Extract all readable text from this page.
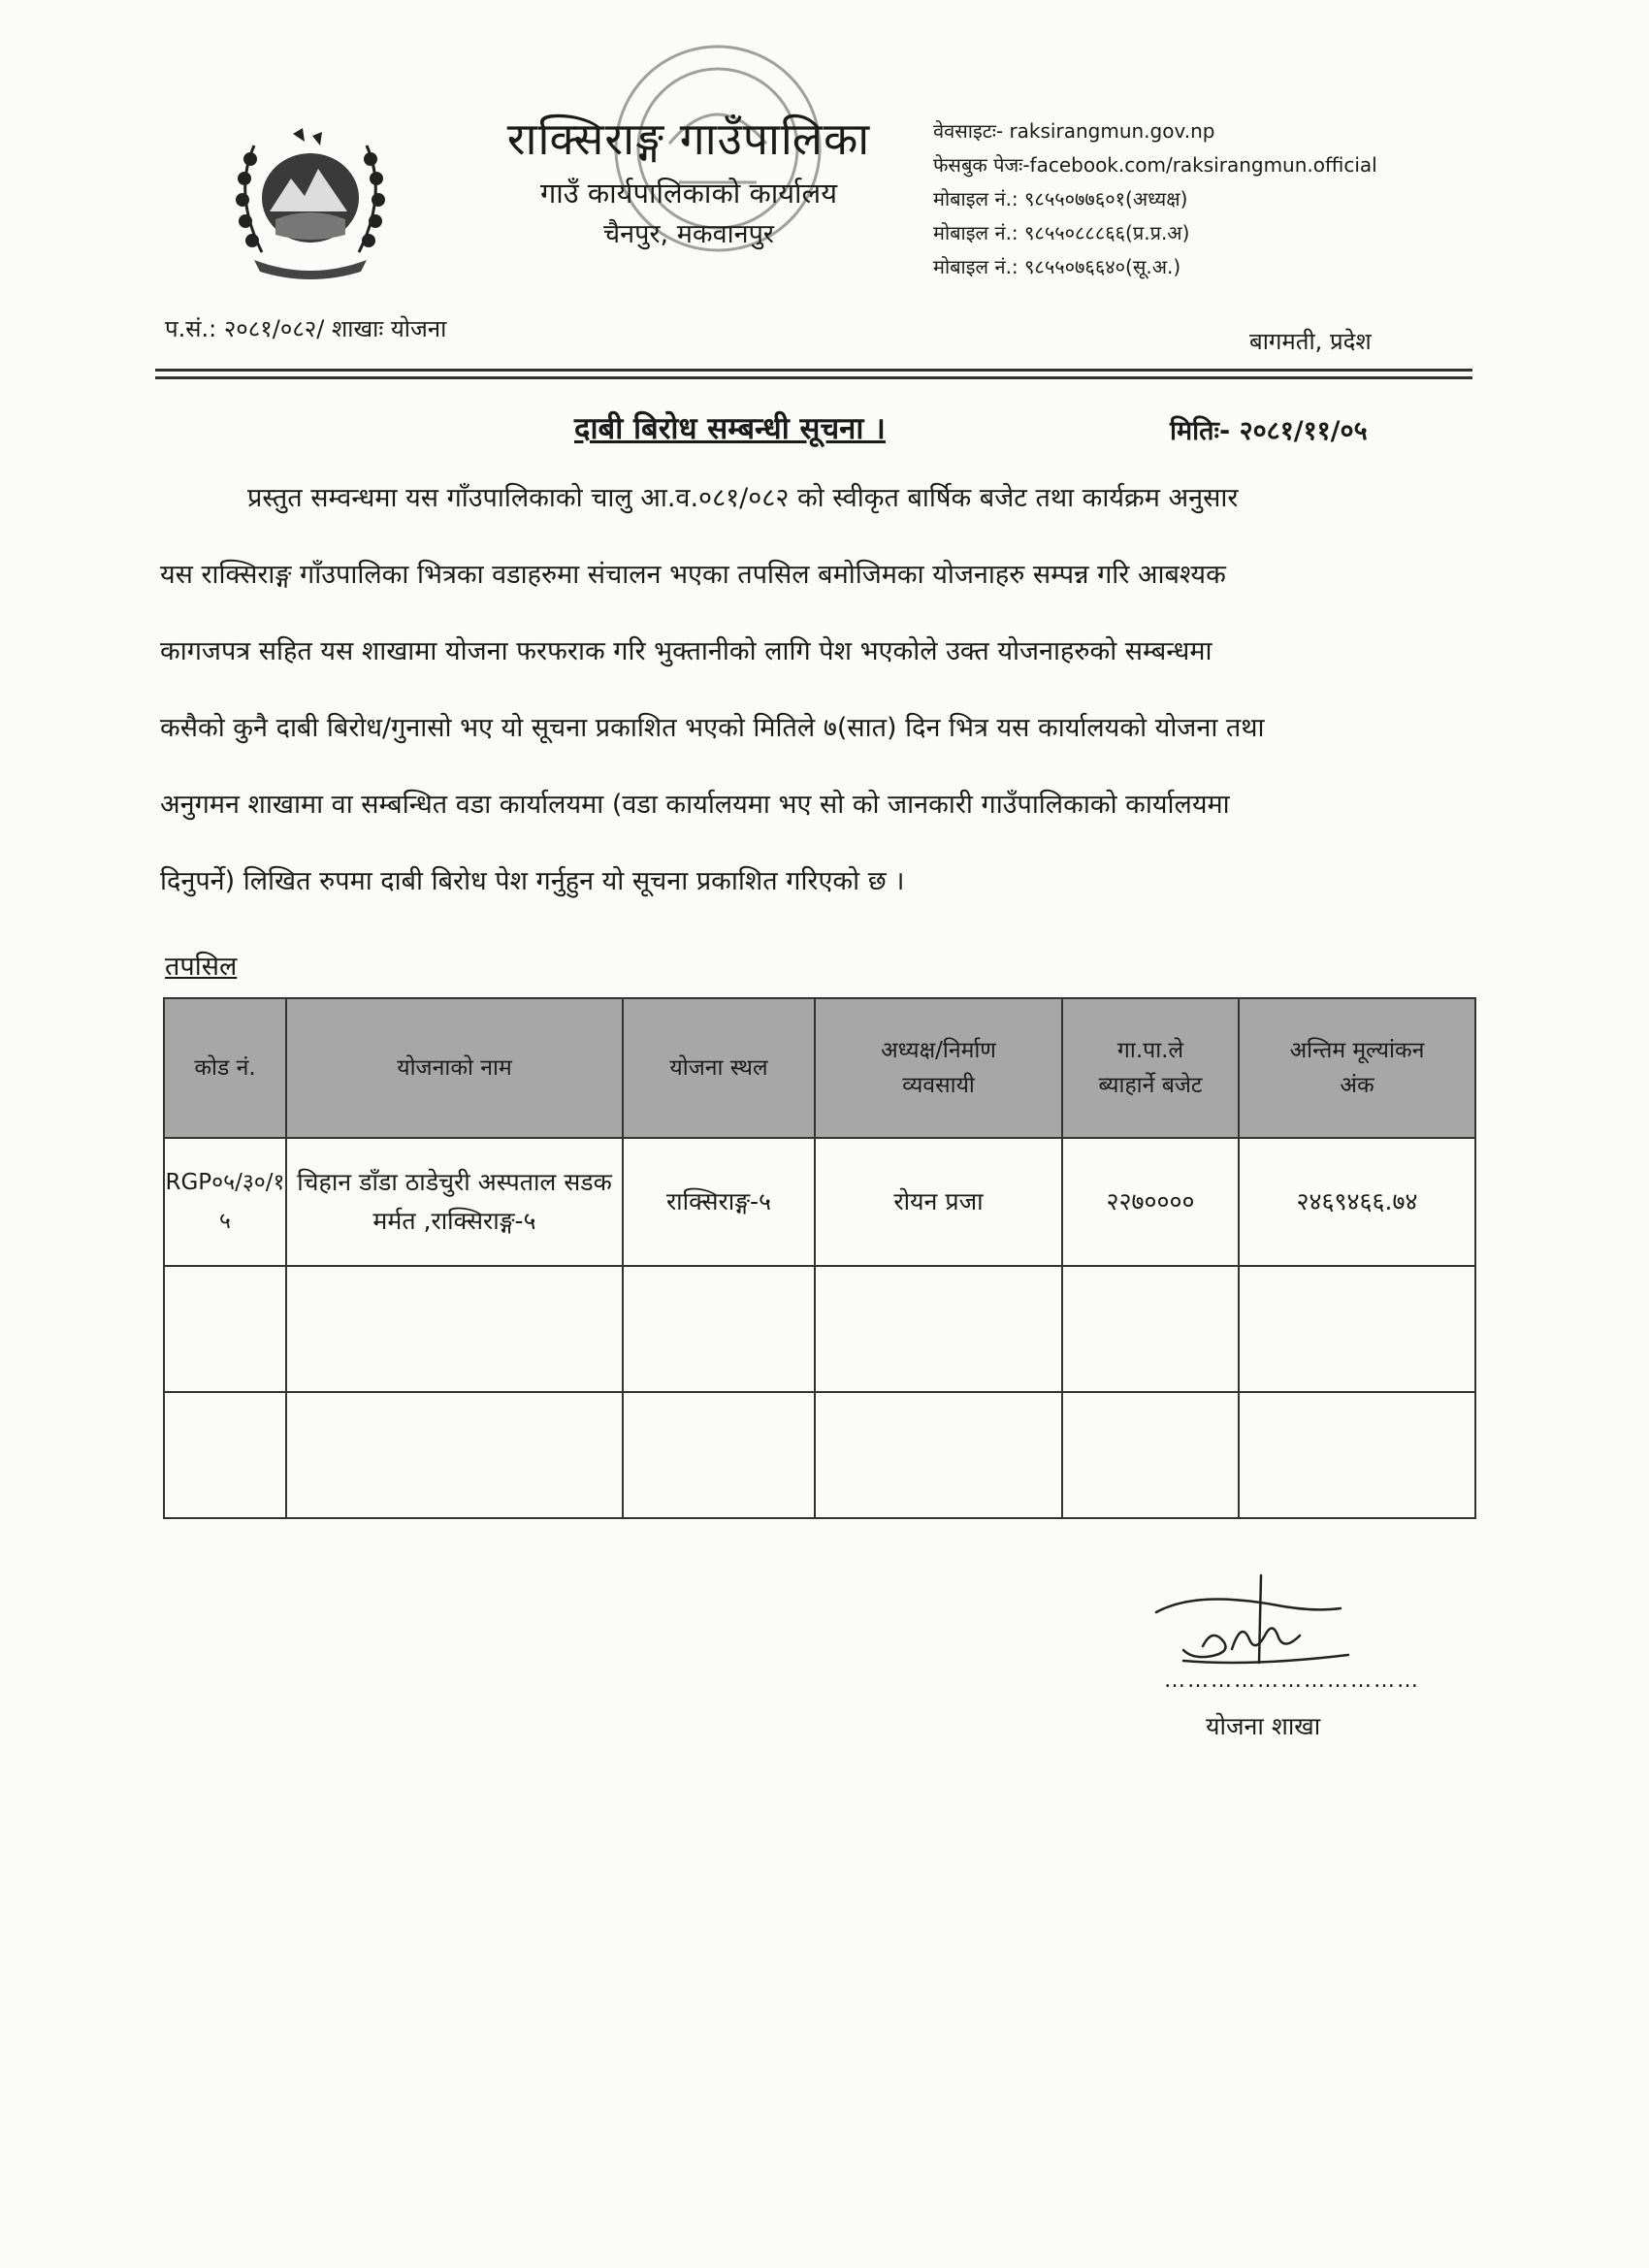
राक्सिराङ्ग गाउँपालिका
गाउँ कार्यपालिकाको कार्यालय
चैनपुर, मकवानपुर
वेवसाइटः- raksirangmun.gov.np
फेसबुक पेजः-facebook.com/raksirangmun.official
मोबाइल नं.: ९८५५०७७६०१(अध्यक्ष)
मोबाइल नं.: ९८५५०८८८६६(प्र.प्र.अ)
मोबाइल नं.: ९८५५०७६६४०(सू.अ.)
प.सं.: २०८१/०८२/ शाखाः योजना	बागमती, प्रदेश
दाबी बिरोध सम्बन्धी सूचना ।	मितिः- २०८१/११/०५
प्रस्तुत सम्वन्धमा यस गाँउपालिकाको चालु आ.व.०८१/०८२ को स्वीकृत बार्षिक बजेट तथा कार्यक्रम अनुसार
यस राक्सिराङ्ग गाँउपालिका भित्रका वडाहरुमा संचालन भएका तपसिल बमोजिमका योजनाहरु सम्पन्न गरि आबश्यक
कागजपत्र सहित यस शाखामा योजना फरफराक गरि भुक्तानीको लागि पेश भएकोले उक्त योजनाहरुको सम्बन्धमा
कसैको कुनै दाबी बिरोध/गुनासो भए यो सूचना प्रकाशित भएको मितिले ७(सात) दिन भित्र यस कार्यालयको योजना तथा
अनुगमन शाखामा वा सम्बन्धित वडा कार्यालयमा (वडा कार्यालयमा भए सो को जानकारी गाउँपालिकाको कार्यालयमा
दिनुपर्ने) लिखित रुपमा दाबी बिरोध पेश गर्नुहुन यो सूचना प्रकाशित गरिएको छ ।
तपसिल
कोड नं.	योजनाको नाम	योजना स्थल	अध्यक्ष/निर्माण व्यवसायी	गा.पा.ले ब्याहार्ने बजेट	अन्तिम मूल्यांकन अंक
RGP०५/३०/१५	चिहान डाँडा ठाडेचुरी अस्पताल सडक मर्मत ,राक्सिराङ्ग-५	राक्सिराङ्ग-५	रोयन प्रजा	२२७००००	२४६९४६६.७४

……………………………
योजना शाखा
